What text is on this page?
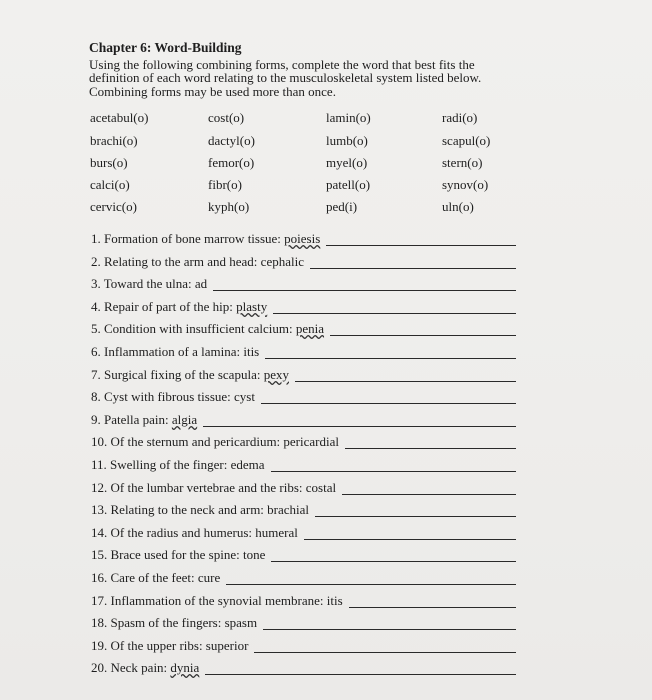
Chapter 6: Word-Building
Using the following combining forms, complete the word that best fits the
definition of each word relating to the musculoskeletal system listed below.
Combining forms may be used more than once.
acetabul(o)	cost(o)	lamin(o)	radi(o)
brachi(o)	dactyl(o)	lumb(o)	scapul(o)
burs(o)	femor(o)	myel(o)	stern(o)
calci(o)	fibr(o)	patell(o)	synov(o)
cervic(o)	kyph(o)	ped(i)	uln(o)
1. Formation of bone marrow tissue: poiesis
2. Relating to the arm and head: cephalic
3. Toward the ulna: ad
4. Repair of part of the hip: plasty
5. Condition with insufficient calcium: penia
6. Inflammation of a lamina: itis
7. Surgical fixing of the scapula: pexy
8. Cyst with fibrous tissue: cyst
9. Patella pain: algia
10. Of the sternum and pericardium: pericardial
11. Swelling of the finger: edema
12. Of the lumbar vertebrae and the ribs: costal
13. Relating to the neck and arm: brachial
14. Of the radius and humerus: humeral
15. Brace used for the spine: tone
16. Care of the feet: cure
17. Inflammation of the synovial membrane: itis
18. Spasm of the fingers: spasm
19. Of the upper ribs: superior
20. Neck pain: dynia
